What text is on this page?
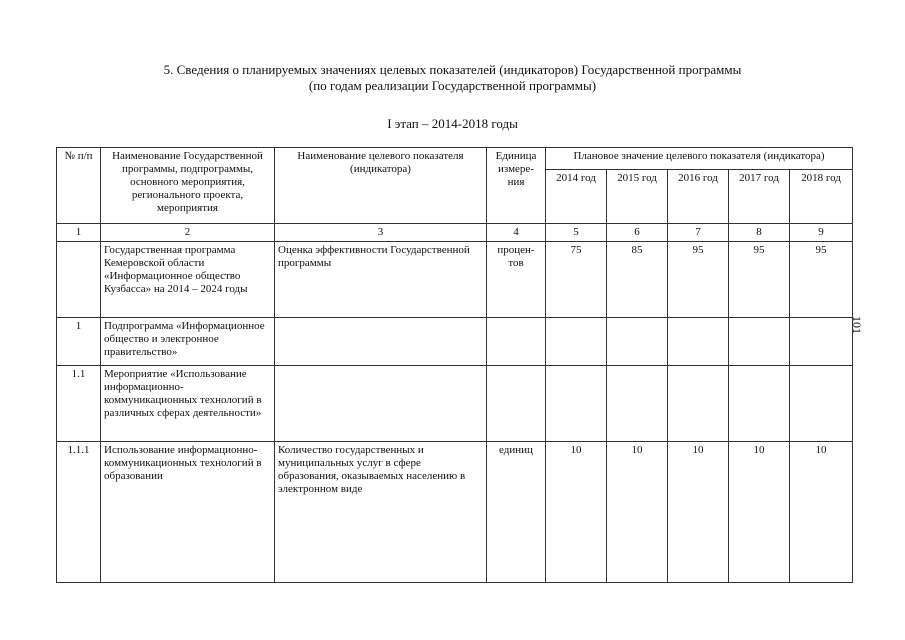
5. Сведения о планируемых значениях целевых показателей (индикаторов) Государственной программы
(по годам реализации Государственной программы)
I этап – 2014-2018 годы
101
№ п/п	Наименование Государственной программы, подпрограммы, основного мероприятия, регионального проекта, мероприятия	Наименование целевого показателя (индикатора)	Единица измере-ния	Плановое значение целевого показателя (индикатора)				
				2014 год	2015 год	2016 год	2017 год	2018 год
1	2	3	4	5	6	7	8	9
	Государственная программа Кемеровской области «Информационное общество Кузбасса» на 2014 – 2024 годы	Оценка эффективности Государственной программы	процен-тов	75	85	95	95	95
1	Подпрограмма «Информационное общество и электронное правительство»							
1.1	Мероприятие «Использование информационно-коммуникационных технологий в различных сферах деятельности»							
1.1.1	Использование информационно-коммуникационных технологий в образовании	Количество государственных и муниципальных услуг в сфере образования, оказываемых населению в электронном виде	единиц	10	10	10	10	10
